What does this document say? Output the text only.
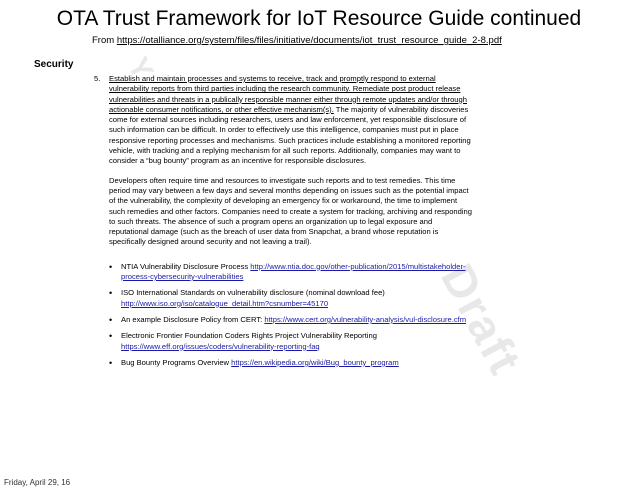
OTA Trust Framework for IoT Resource Guide continued
From https://otalliance.org/system/files/files/initiative/documents/iot_trust_resource_guide_2-8.pdf
Security Y
Draft
5.	Establish and maintain processes and systems to receive, track and promptly respond to external vulnerability reports from third parties including the research community. Remediate post product release vulnerabilities and threats in a publically responsible manner either through remote updates and/or through actionable consumer notifications, or other effective mechanism(s). The majority of vulnerability discoveries come for external sources including researchers, users and law enforcement, yet responsible disclosure of such information can be difficult. In order to effectively use this intelligence, companies must put in place responsive reporting processes and mechanisms. Such practices include establishing a monitored reporting vehicle, with tracking and a replying mechanism for all such reports. Additionally, companies may want to consider a “bug bounty” program as an incentive for responsible disclosures.
Developers often require time and resources to investigate such reports and to test remedies. This time period may vary between a few days and several months depending on issues such as the potential impact of the vulnerability, the complexity of developing an emergency fix or workaround, the time to implement such remedies and other factors. Companies need to create a system for tracking, archiving and responding to such threats. The absence of such a program opens an organization up to legal exposure and reputational damage (such as the breach of user data from Snapchat, a brand whose reputation is specifically designed around security and not leaving a trail).
• NTIA Vulnerability Disclosure Process http://www.ntia.doc.gov/other-publication/2015/multistakeholder-process-cybersecurity-vulnerabilities
• ISO International Standards on vulnerability disclosure (nominal download fee) http://www.iso.org/iso/catalogue_detail.htm?csnumber=45170
• An example Disclosure Policy from CERT: https://www.cert.org/vulnerability-analysis/vul-disclosure.cfm
• Electronic Frontier Foundation Coders Rights Project Vulnerability Reporting https://www.eff.org/issues/coders/vulnerability-reporting-faq
• Bug Bounty Programs Overview https://en.wikipedia.org/wiki/Bug_bounty_program
Friday, April 29, 16
